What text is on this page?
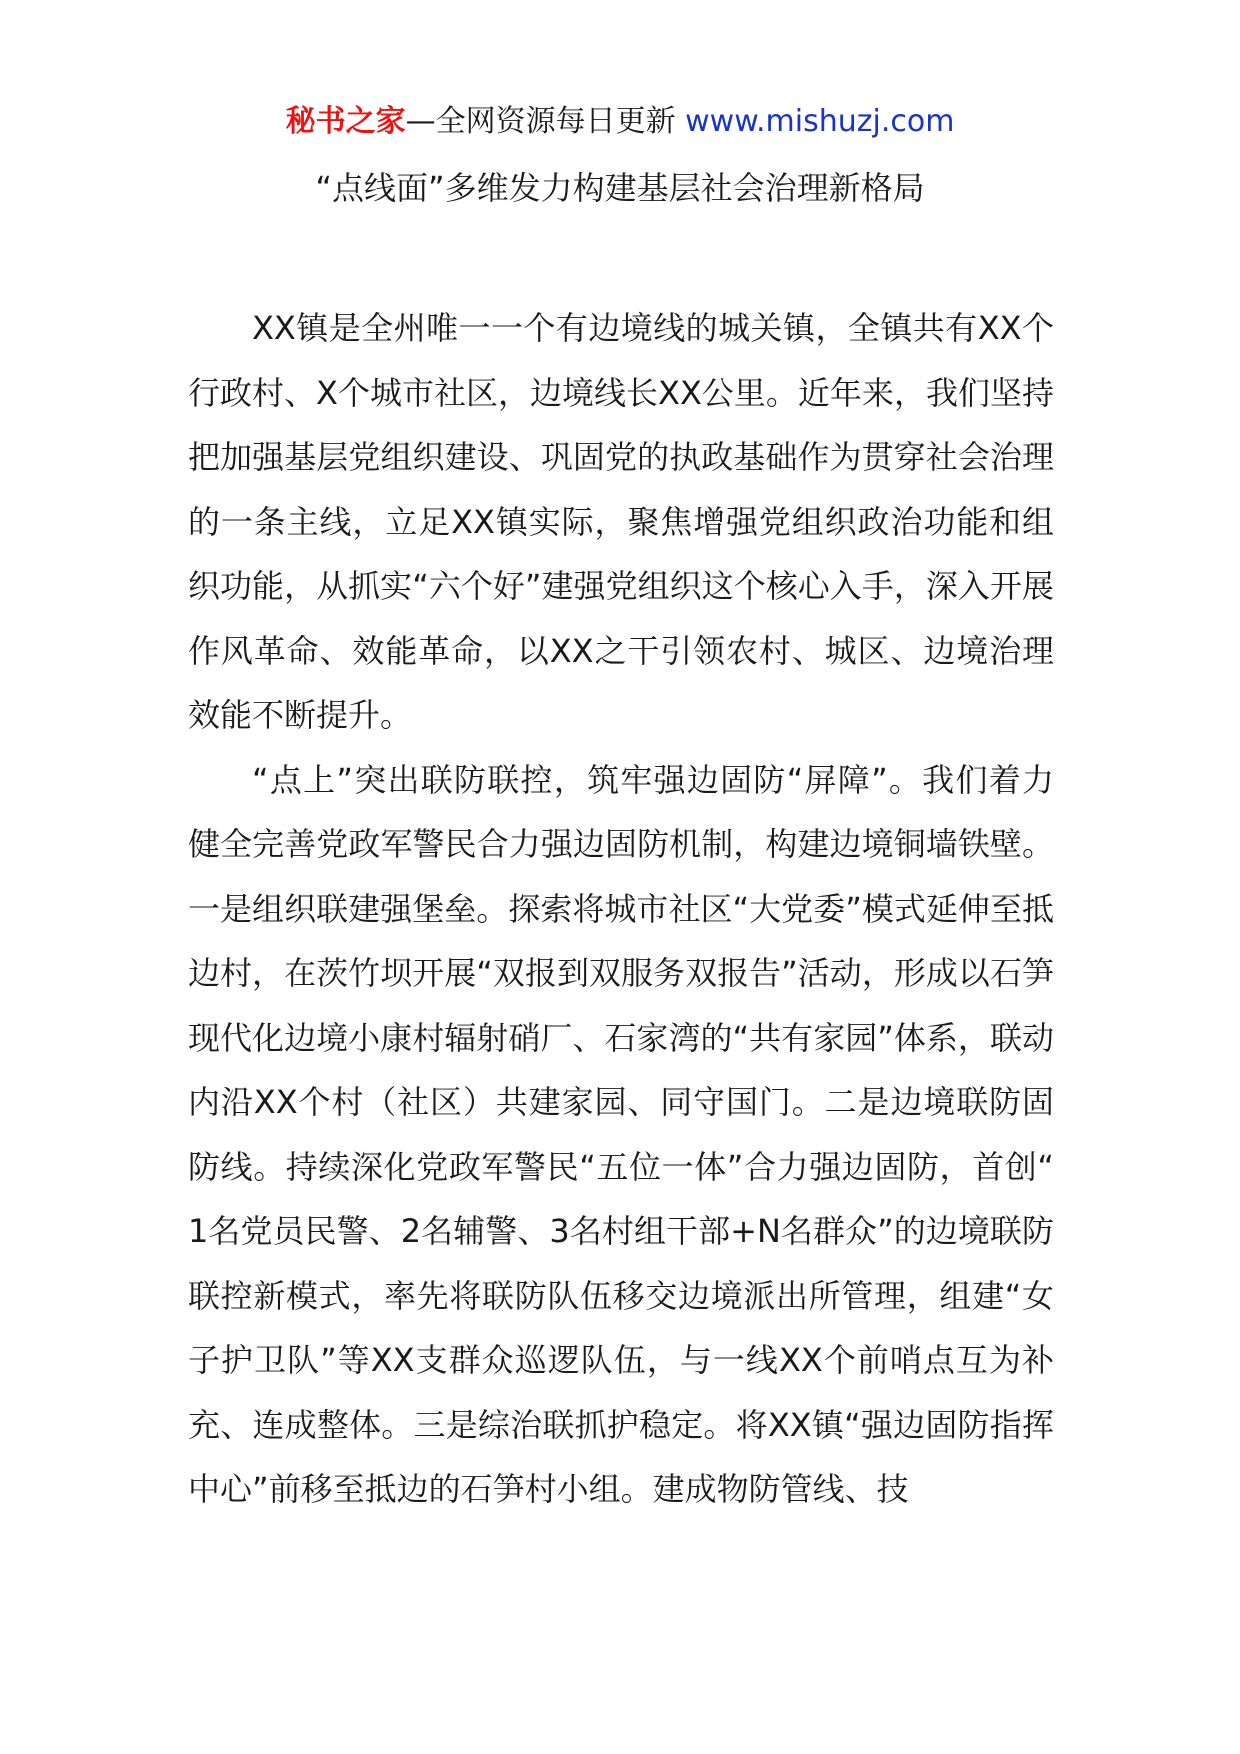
秘书之家—全网资源每日更新 www.mishuzj.com
“点线面”多维发力构建基层社会治理新格局

XX镇是全州唯一一个有边境线的城关镇，全镇共有XX个行政村、X个城市社区，边境线长XX公里。近年来，我们坚持把加强基层党组织建设、巩固党的执政基础作为贯穿社会治理的一条主线，立足XX镇实际，聚焦增强党组织政治功能和组织功能，从抓实“六个好”建强党组织这个核心入手，深入开展作风革命、效能革命，以XX之干引领农村、城区、边境治理效能不断提升。

“点上”突出联防联控，筑牢强边固防“屏障”。我们着力健全完善党政军警民合力强边固防机制，构建边境铜墙铁壁。一是组织联建强堡垒。探索将城市社区“大党委”模式延伸至抵边村，在茨竹坝开展“双报到双服务双报告”活动，形成以石笋现代化边境小康村辐射硝厂、石家湾的“共有家园”体系，联动内沿XX个村（社区）共建家园、同守国门。二是边境联防固防线。持续深化党政军警民“五位一体”合力强边固防，首创“1名党员民警、2名辅警、3名村组干部+N名群众”的边境联防联控新模式，率先将联防队伍移交边境派出所管理，组建“女子护卫队”等XX支群众巡逻队伍，与一线XX个前哨点互为补充、连成整体。三是综治联抓护稳定。将XX镇“强边固防指挥中心”前移至抵边的石笋村小组。建成物防管线、技
